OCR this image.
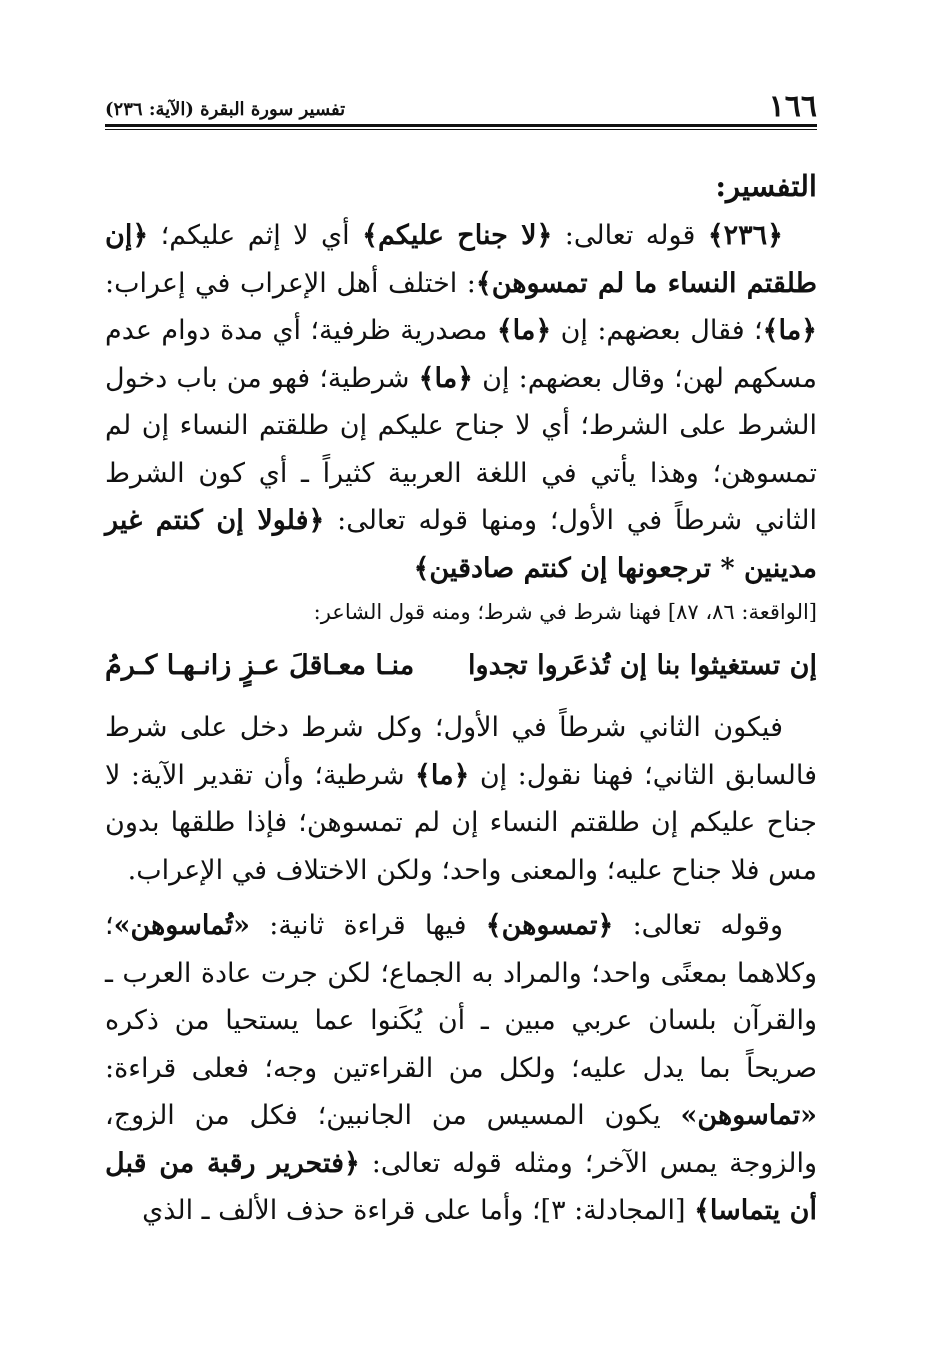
١٦٦
تفسير سورة البقرة (الآية: ٢٣٦)

التفسير:

﴿٢٣٦﴾ قوله تعالى: ﴿لا جناح عليكم﴾ أي لا إثم عليكم؛ ﴿إن طلقتم النساء ما لم تمسوهن﴾: اختلف أهل الإعراب في إعراب: ﴿ما﴾؛ فقال بعضهم: إن ﴿ما﴾ مصدرية ظرفية؛ أي مدة دوام عدم مسكهم لهن؛ وقال بعضهم: إن ﴿ما﴾ شرطية؛ فهو من باب دخول الشرط على الشرط؛ أي لا جناح عليكم إن طلقتم النساء إن لم تمسوهن؛ وهذا يأتي في اللغة العربية كثيراً ـ أي كون الشرط الثاني شرطاً في الأول؛ ومنها قوله تعالى: ﴿فلولا إن كنتم غير مدينين * ترجعونها إن كنتم صادقين﴾

[الواقعة: ٨٦، ٨٧] فهنا شرط في شرط؛ ومنه قول الشاعر:

إن تستغيثوا بنا إن تُذعَروا تجدوا
منـا معـاقلَ عـزٍ زانـهـا كـرمُ

فيكون الثاني شرطاً في الأول؛ وكل شرط دخل على شرط فالسابق الثاني؛ فهنا نقول: إن ﴿ما﴾ شرطية؛ وأن تقدير الآية: لا جناح عليكم إن طلقتم النساء إن لم تمسوهن؛ فإذا طلقها بدون مس فلا جناح عليه؛ والمعنى واحد؛ ولكن الاختلاف في الإعراب.

وقوله تعالى: ﴿تمسوهن﴾ فيها قراءة ثانية: «تُماسوهن»؛ وكلاهما بمعنًى واحد؛ والمراد به الجماع؛ لكن جرت عادة العرب ـ والقرآن بلسان عربي مبين ـ أن يُكَنوا عما يستحيا من ذكره صريحاً بما يدل عليه؛ ولكل من القراءتين وجه؛ فعلى قراءة: «تماسوهن» يكون المسيس من الجانبين؛ فكل من الزوج، والزوجة يمس الآخر؛ ومثله قوله تعالى: ﴿فتحرير رقبة من قبل أن يتماسا﴾ [المجادلة: ٣]؛ وأما على قراءة حذف الألف ـ الذي
